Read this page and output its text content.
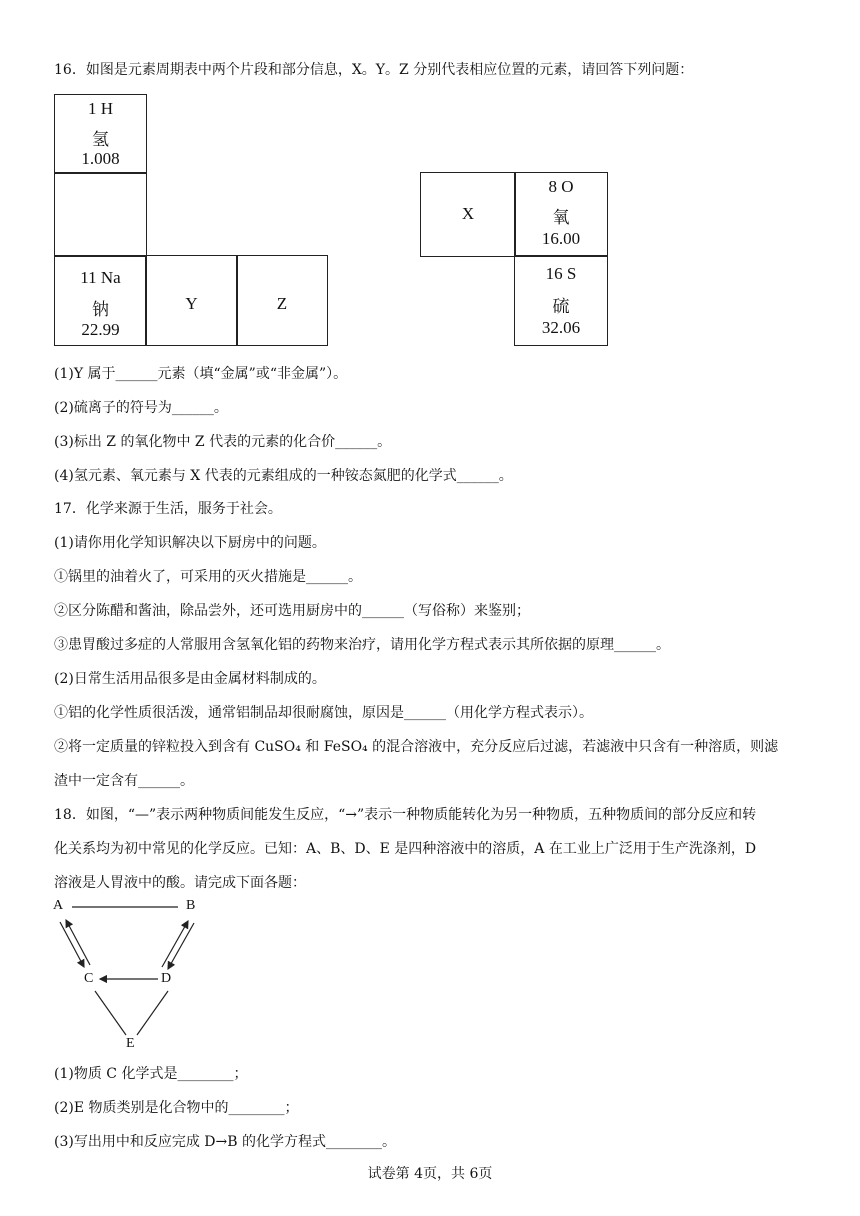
16．如图是元素周期表中两个片段和部分信息，X。Y。Z 分别代表相应位置的元素，请回答下列问题：
1 H
氢
1.008
11 Na
钠
22.99
Y	Z
X
8 O
氧
16.00
16 S
硫
32.06
(1)Y 属于______元素（填“金属”或“非金属”）。
(2)硫离子的符号为______。
(3)标出 Z 的氧化物中 Z 代表的元素的化合价______。
(4)氢元素、氧元素与 X 代表的元素组成的一种铵态氮肥的化学式______。
17．化学来源于生活，服务于社会。
(1)请你用化学知识解决以下厨房中的问题。
①锅里的油着火了，可采用的灭火措施是______。
②区分陈醋和酱油，除品尝外，还可选用厨房中的______（写俗称）来鉴别；
③患胃酸过多症的人常服用含氢氧化铝的药物来治疗，请用化学方程式表示其所依据的原理______。
(2)日常生活用品很多是由金属材料制成的。
①铝的化学性质很活泼，通常铝制品却很耐腐蚀，原因是______（用化学方程式表示）。
②将一定质量的锌粒投入到含有 CuSO₄ 和 FeSO₄ 的混合溶液中，充分反应后过滤，若滤液中只含有一种溶质，则滤
渣中一定含有______。
18．如图，“—”表示两种物质间能发生反应，“→”表示一种物质能转化为另一种物质，五种物质间的部分反应和转
化关系均为初中常见的化学反应。已知：A、B、D、E 是四种溶液中的溶质，A 在工业上广泛用于生产洗涤剂，D
溶液是人胃液中的酸。请完成下面各题：
A	B
C	D
E
(1)物质 C 化学式是________；
(2)E 物质类别是化合物中的________；
(3)写出用中和反应完成 D→B 的化学方程式________。
试卷第 4页，共 6页
